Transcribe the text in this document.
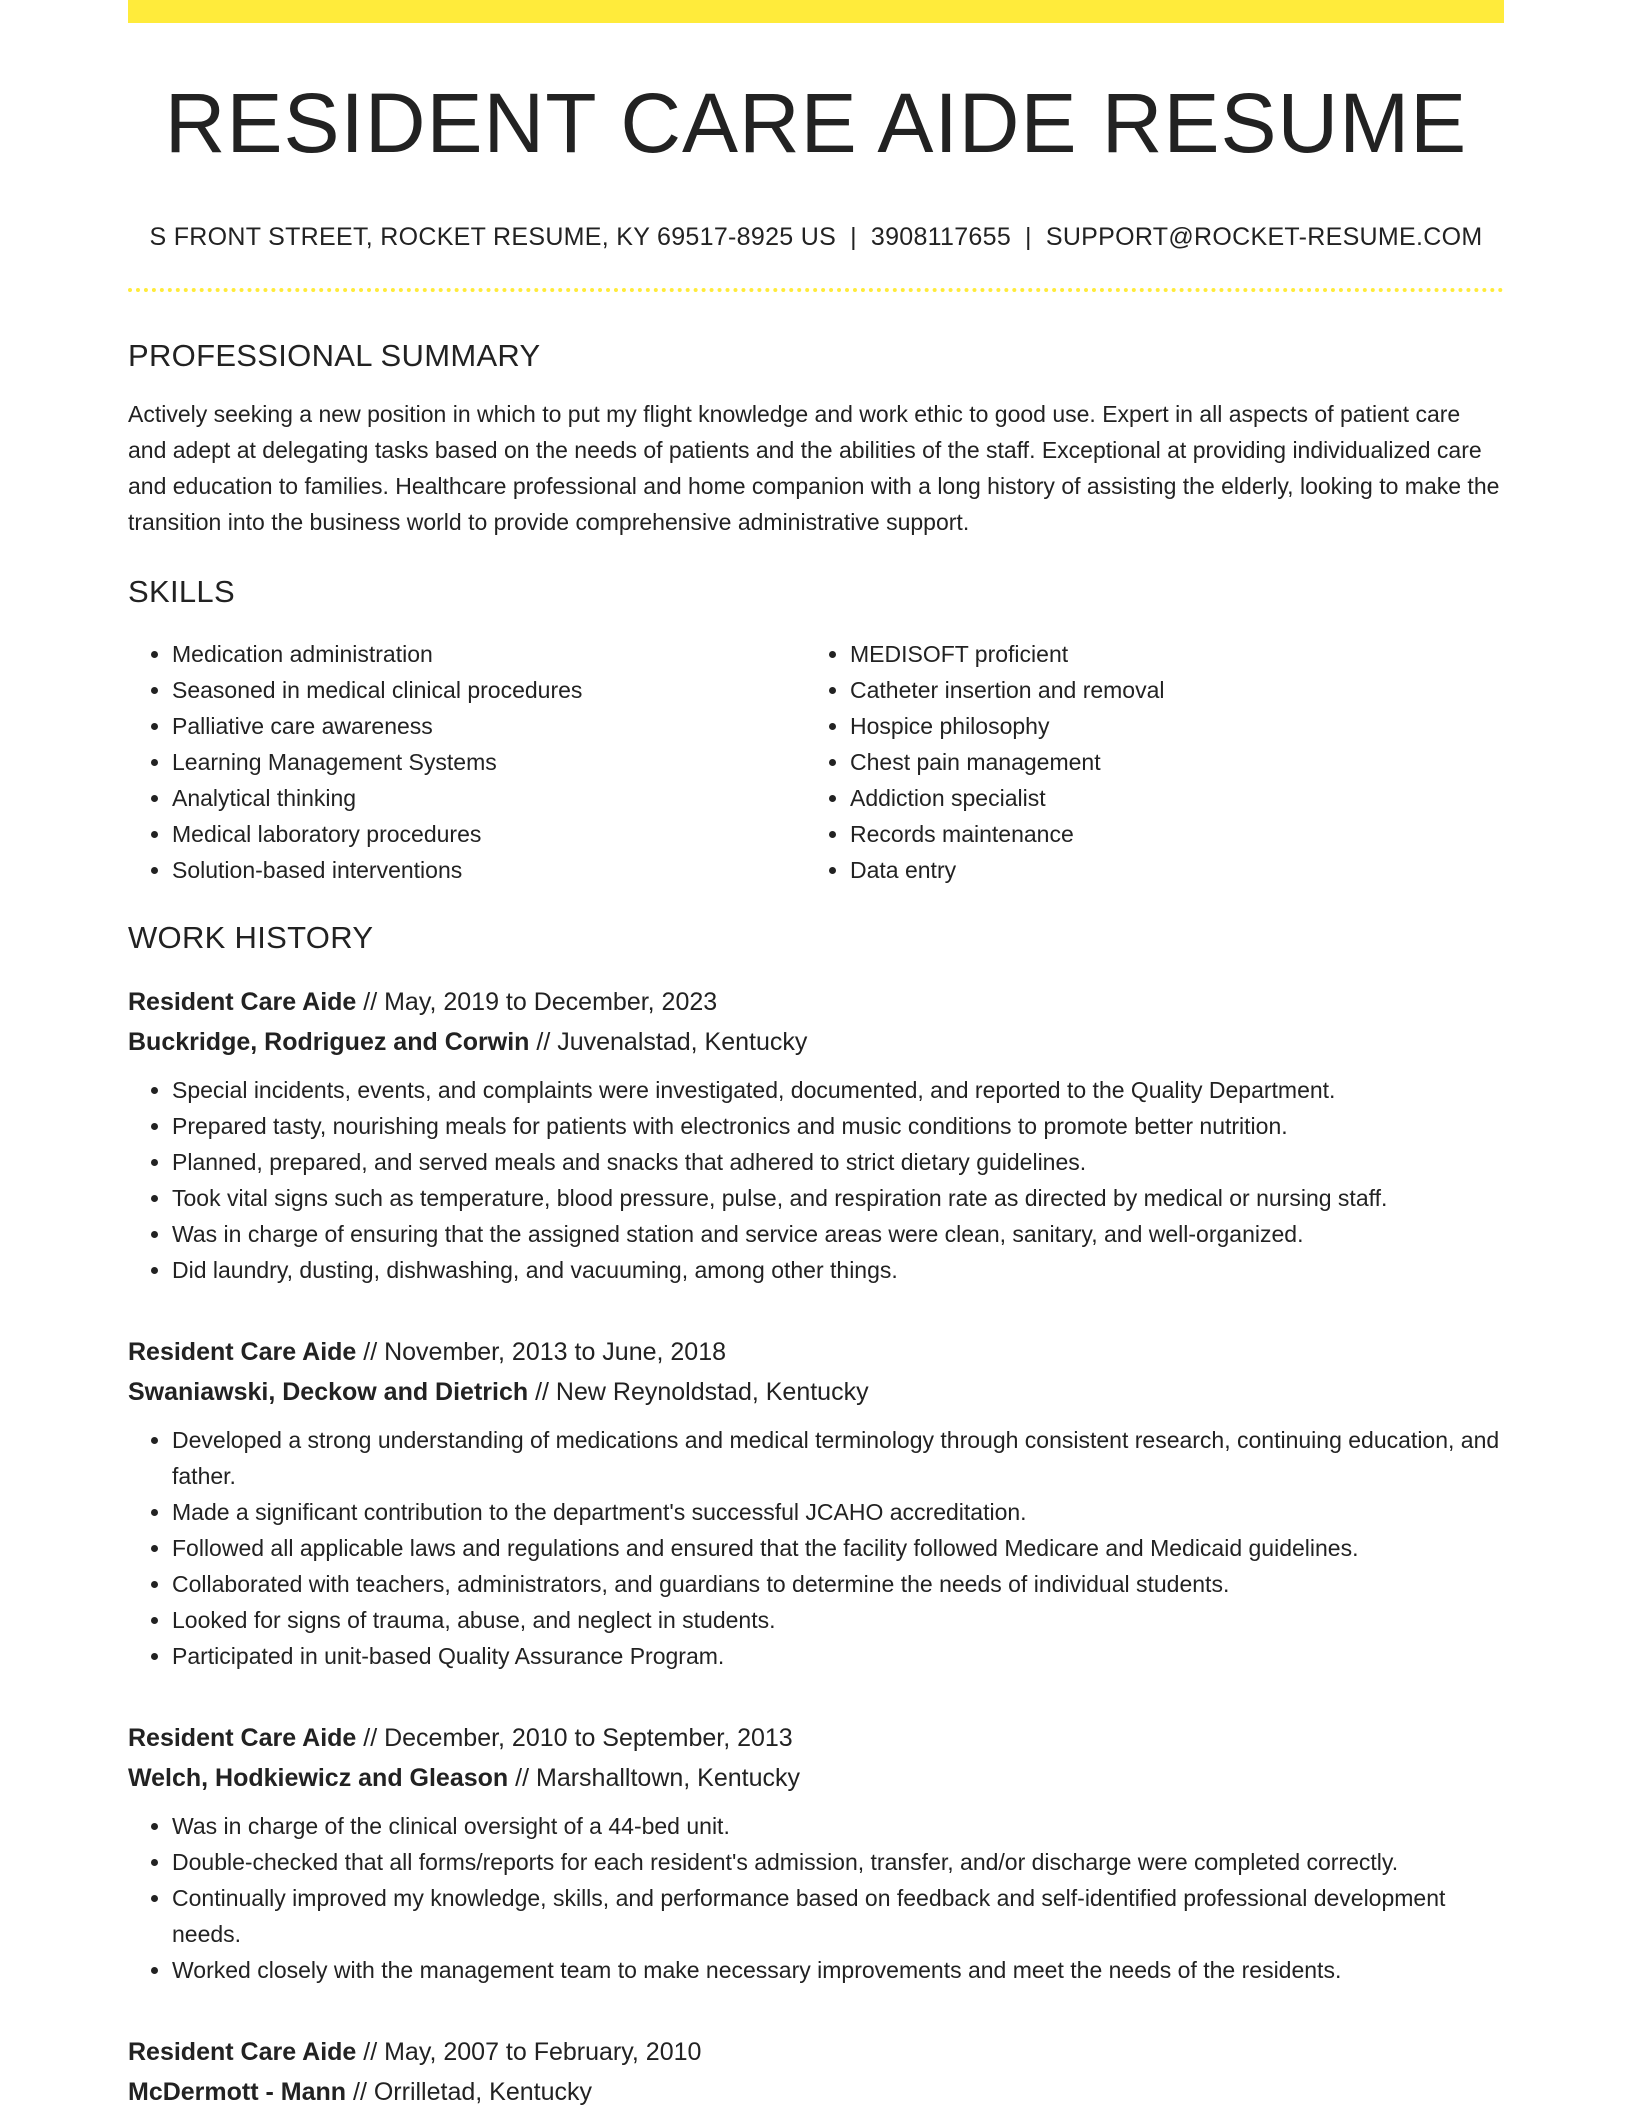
RESIDENT CARE AIDE RESUME
S FRONT STREET, ROCKET RESUME, KY 69517-8925 US | 3908117655 | SUPPORT@ROCKET-RESUME.COM
PROFESSIONAL SUMMARY
Actively seeking a new position in which to put my flight knowledge and work ethic to good use. Expert in all aspects of patient care and adept at delegating tasks based on the needs of patients and the abilities of the staff. Exceptional at providing individualized care and education to families. Healthcare professional and home companion with a long history of assisting the elderly, looking to make the transition into the business world to provide comprehensive administrative support.
SKILLS
• Medication administration
• Seasoned in medical clinical procedures
• Palliative care awareness
• Learning Management Systems
• Analytical thinking
• Medical laboratory procedures
• Solution-based interventions
• MEDISOFT proficient
• Catheter insertion and removal
• Hospice philosophy
• Chest pain management
• Addiction specialist
• Records maintenance
• Data entry
WORK HISTORY
Resident Care Aide // May, 2019 to December, 2023
Buckridge, Rodriguez and Corwin // Juvenalstad, Kentucky
• Special incidents, events, and complaints were investigated, documented, and reported to the Quality Department.
• Prepared tasty, nourishing meals for patients with electronics and music conditions to promote better nutrition.
• Planned, prepared, and served meals and snacks that adhered to strict dietary guidelines.
• Took vital signs such as temperature, blood pressure, pulse, and respiration rate as directed by medical or nursing staff.
• Was in charge of ensuring that the assigned station and service areas were clean, sanitary, and well-organized.
• Did laundry, dusting, dishwashing, and vacuuming, among other things.
Resident Care Aide // November, 2013 to June, 2018
Swaniawski, Deckow and Dietrich // New Reynoldstad, Kentucky
• Developed a strong understanding of medications and medical terminology through consistent research, continuing education, and father.
• Made a significant contribution to the department's successful JCAHO accreditation.
• Followed all applicable laws and regulations and ensured that the facility followed Medicare and Medicaid guidelines.
• Collaborated with teachers, administrators, and guardians to determine the needs of individual students.
• Looked for signs of trauma, abuse, and neglect in students.
• Participated in unit-based Quality Assurance Program.
Resident Care Aide // December, 2010 to September, 2013
Welch, Hodkiewicz and Gleason // Marshalltown, Kentucky
• Was in charge of the clinical oversight of a 44-bed unit.
• Double-checked that all forms/reports for each resident's admission, transfer, and/or discharge were completed correctly.
• Continually improved my knowledge, skills, and performance based on feedback and self-identified professional development needs.
• Worked closely with the management team to make necessary improvements and meet the needs of the residents.
Resident Care Aide // May, 2007 to February, 2010
McDermott - Mann // Orrilletad, Kentucky
